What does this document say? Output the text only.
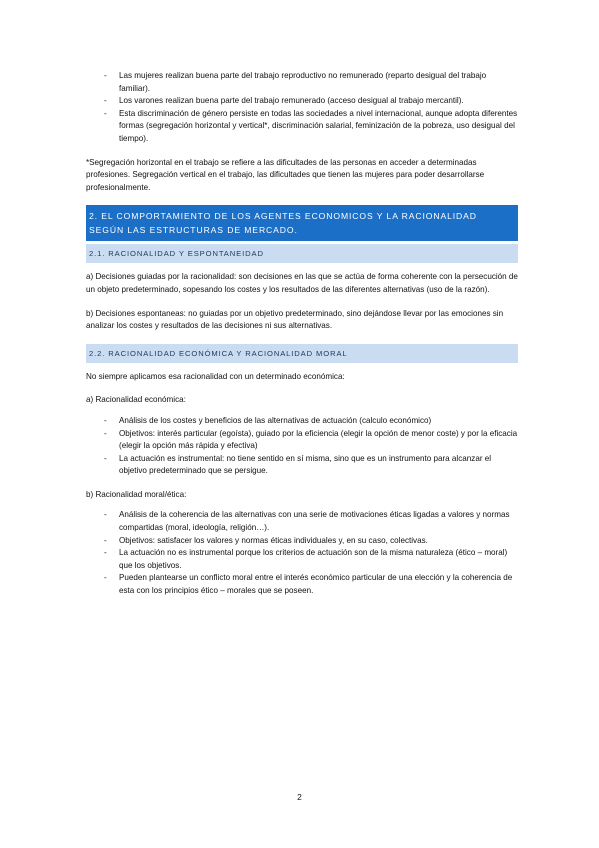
- Las mujeres realizan buena parte del trabajo reproductivo no remunerado (reparto desigual del trabajo familiar).
- Los varones realizan buena parte del trabajo remunerado (acceso desigual al trabajo mercantil).
- Esta discriminación de género persiste en todas las sociedades a nivel internacional, aunque adopta diferentes formas (segregación horizontal y vertical*, discriminación salarial, feminización de la pobreza, uso desigual del tiempo).

*Segregación horizontal en el trabajo se refiere a las dificultades de las personas en acceder a determinadas profesiones. Segregación vertical en el trabajo, las dificultades que tienen las mujeres para poder desarrollarse profesionalmente.

2. EL COMPORTAMIENTO DE LOS AGENTES ECONOMICOS Y LA RACIONALIDAD SEGÚN LAS ESTRUCTURAS DE MERCADO.
2.1. RACIONALIDAD Y ESPONTANEIDAD

a) Decisiones guiadas por la racionalidad: son decisiones en las que se actúa de forma coherente con la persecución de un objeto predeterminado, sopesando los costes y los resultados de las diferentes alternativas (uso de la razón).

b) Decisiones espontaneas: no guiadas por un objetivo predeterminado, sino dejándose llevar por las emociones sin analizar los costes y resultados de las decisiones ni sus alternativas.

2.2. RACIONALIDAD ECONÓMICA Y RACIONALIDAD MORAL

No siempre aplicamos esa racionalidad con un determinado económica:

a) Racionalidad económica:

- Análisis de los costes y beneficios de las alternativas de actuación (calculo económico)
- Objetivos: interés particular (egoísta), guiado por la eficiencia (elegir la opción de menor coste) y por la eficacia (elegir la opción más rápida y efectiva)
- La actuación es instrumental: no tiene sentido en sí misma, sino que es un instrumento para alcanzar el objetivo predeterminado que se persigue.

b) Racionalidad moral/ética:

- Análisis de la coherencia de las alternativas con una serie de motivaciones éticas ligadas a valores y normas compartidas (moral, ideología, religión…).
- Objetivos: satisfacer los valores y normas éticas individuales y, en su caso, colectivas.
- La actuación no es instrumental porque los criterios de actuación son de la misma naturaleza (ético – moral) que los objetivos.
- Pueden plantearse un conflicto moral entre el interés económico particular de una elección y la coherencia de esta con los principios ético – morales que se poseen.
2
